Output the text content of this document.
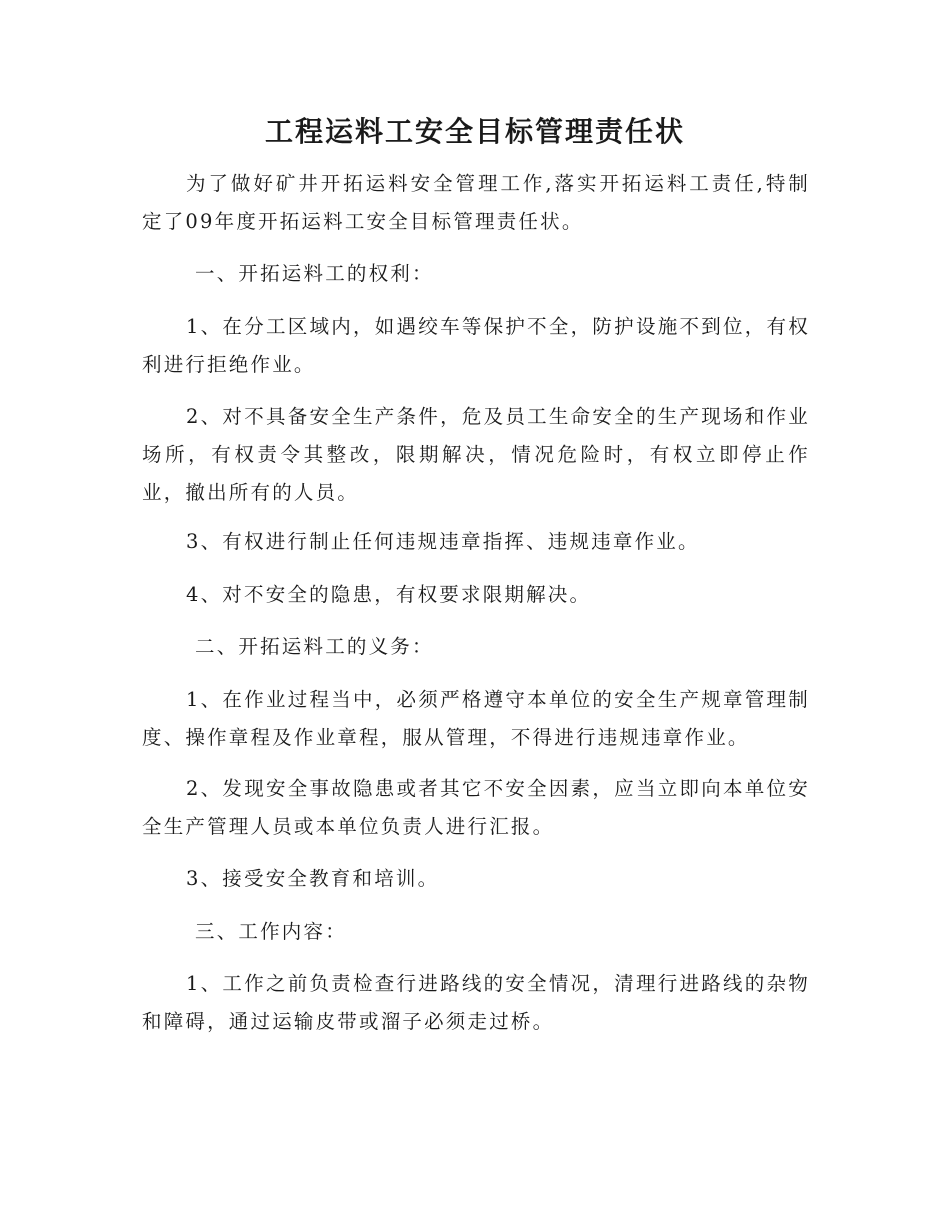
工程运料工安全目标管理责任状

为了做好矿井开拓运料安全管理工作,落实开拓运料工责任,特制定了09年度开拓运料工安全目标管理责任状。

一、开拓运料工的权利：

1、在分工区域内，如遇绞车等保护不全，防护设施不到位，有权利进行拒绝作业。

2、对不具备安全生产条件，危及员工生命安全的生产现场和作业场所，有权责令其整改，限期解决，情况危险时，有权立即停止作业，撤出所有的人员。

3、有权进行制止任何违规违章指挥、违规违章作业。

4、对不安全的隐患，有权要求限期解决。

二、开拓运料工的义务：

1、在作业过程当中，必须严格遵守本单位的安全生产规章管理制度、操作章程及作业章程，服从管理，不得进行违规违章作业。

2、发现安全事故隐患或者其它不安全因素，应当立即向本单位安全生产管理人员或本单位负责人进行汇报。

3、接受安全教育和培训。

三、工作内容：

1、工作之前负责检查行进路线的安全情况，清理行进路线的杂物和障碍，通过运输皮带或溜子必须走过桥。
